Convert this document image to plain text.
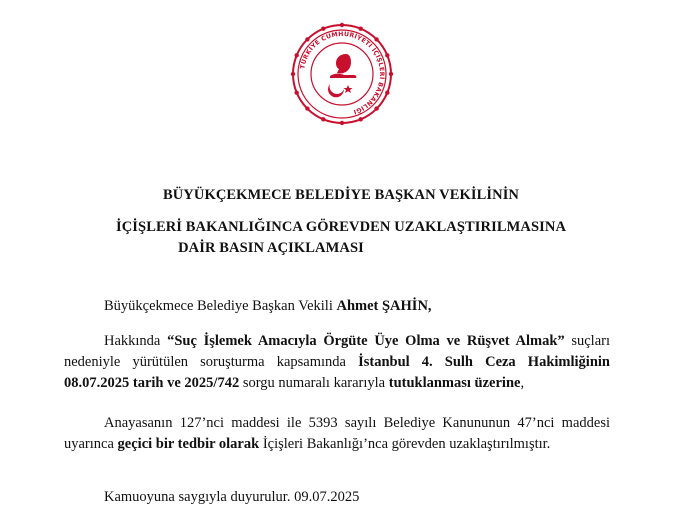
TÜRKİYE CUMHURİYETİ İÇİŞLERİ BAKANLIĞI
BÜYÜKÇEKMECE BELEDİYE BAŞKAN VEKİLİNİN
İÇİŞLERİ BAKANLIĞINCA GÖREVDEN UZAKLAŞTIRILMASINA
DAİR BASIN AÇIKLAMASI
Büyükçekmece Belediye Başkan Vekili Ahmet ŞAHİN,
Hakkında “Suç İşlemek Amacıyla Örgüte Üye Olma ve Rüşvet Almak” suçları nedeniyle yürütülen soruşturma kapsamında İstanbul 4. Sulh Ceza Hakimliğinin 08.07.2025 tarih ve 2025/742 sorgu numaralı kararıyla tutuklanması üzerine,
Anayasanın 127’nci maddesi ile 5393 sayılı Belediye Kanununun 47’nci maddesi uyarınca geçici bir tedbir olarak İçişleri Bakanlığı’nca görevden uzaklaştırılmıştır.
Kamuoyuna saygıyla duyurulur. 09.07.2025
